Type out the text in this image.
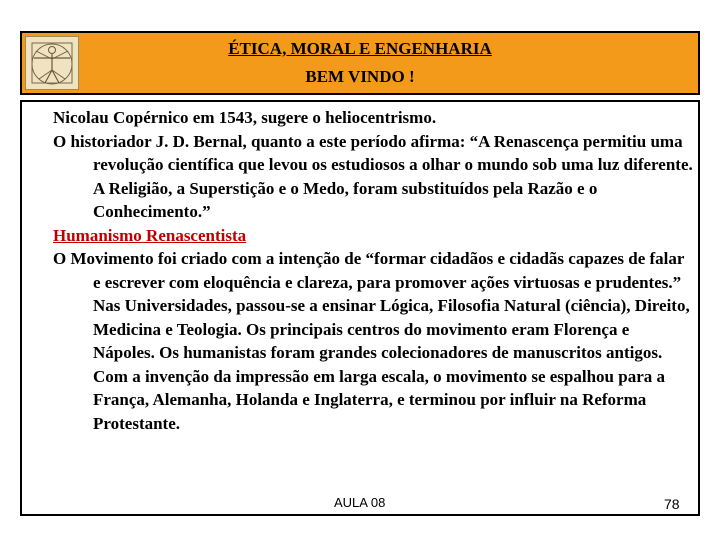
ÉTICA, MORAL E ENGENHARIA
BEM VINDO !

Nicolau Copérnico em 1543, sugere o heliocentrismo.

O historiador J. D. Bernal, quanto a este período afirma: “A Renascença permitiu uma revolução científica que levou os estudiosos a olhar o mundo sob uma luz diferente. A Religião, a Superstição e o Medo, foram substituídos pela Razão e o Conhecimento.”

Humanismo Renascentista

O Movimento foi criado com a intenção de “formar cidadãos e cidadãs capazes de falar e escrever com eloquência e clareza, para promover ações virtuosas e prudentes.” Nas Universidades, passou-se a ensinar Lógica, Filosofia Natural (ciência), Direito, Medicina e Teologia. Os principais centros do movimento eram Florença e Nápoles. Os humanistas foram grandes colecionadores de manuscritos antigos. Com a invenção da impressão em larga escala, o movimento se espalhou para a França, Alemanha, Holanda e Inglaterra, e terminou por influir na Reforma Protestante.

AULA 08	78
